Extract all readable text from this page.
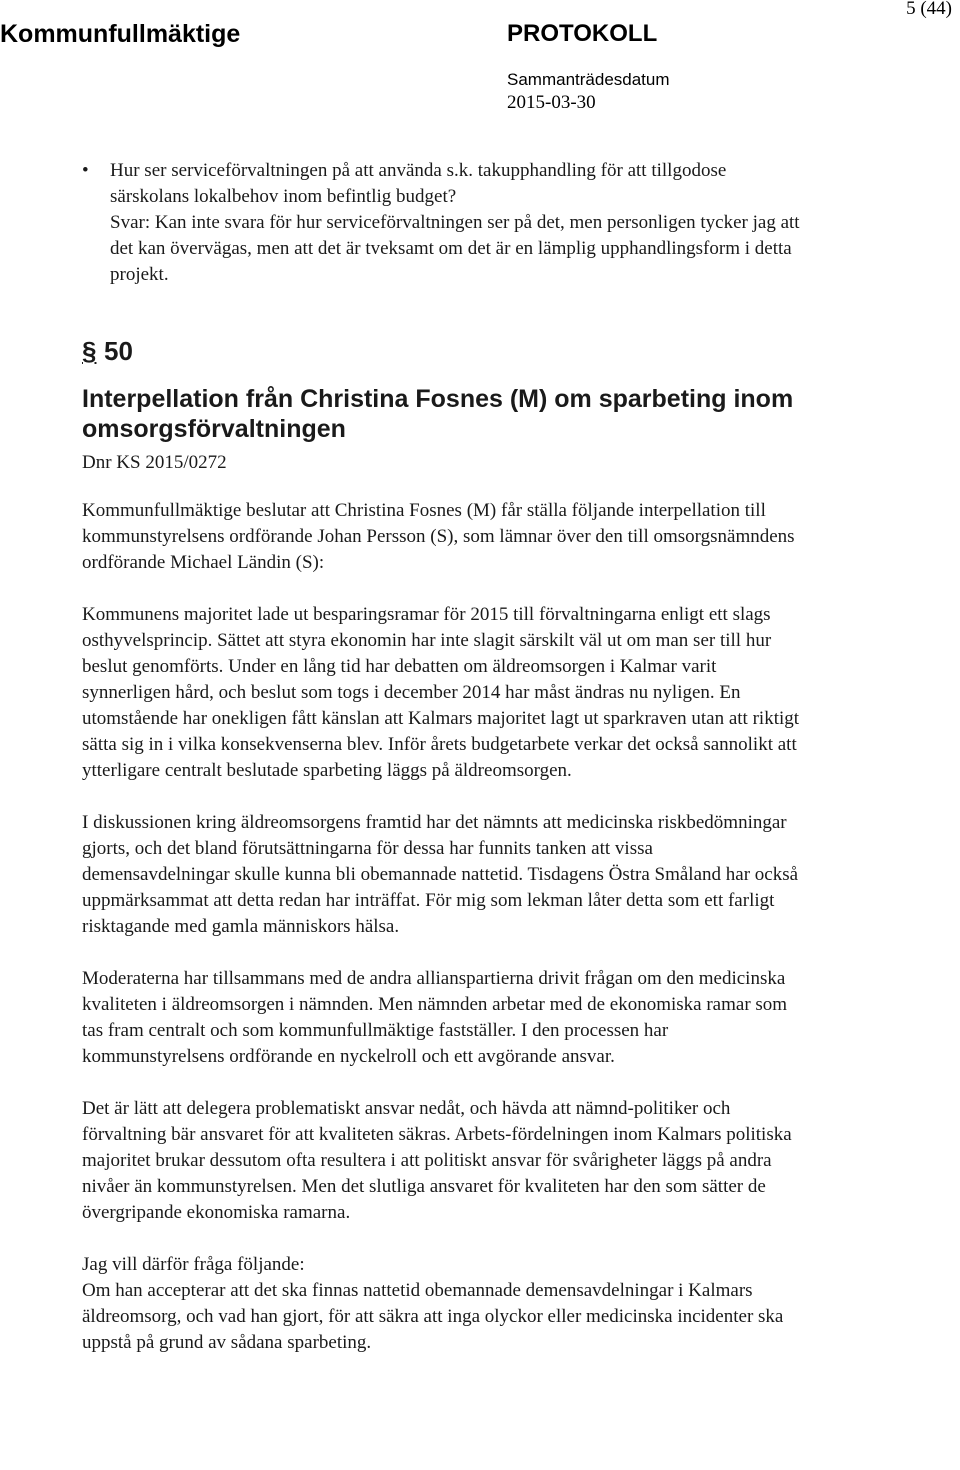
Kommunfullmäktige	PROTOKOLL
Sammanträdesdatum
2015-03-30
5 (44)
• Hur ser serviceförvaltningen på att använda s.k. takupphandling för att tillgodose särskolans lokalbehov inom befintlig budget?
Svar: Kan inte svara för hur serviceförvaltningen ser på det, men personligen tycker jag att det kan övervägas, men att det är tveksamt om det är en lämplig upphandlingsform i detta projekt.
§ 50
Interpellation från Christina Fosnes (M) om sparbeting inom omsorgsförvaltningen
Dnr KS 2015/0272

Kommunfullmäktige beslutar att Christina Fosnes (M) får ställa följande interpellation till kommunstyrelsens ordförande Johan Persson (S), som lämnar över den till omsorgsnämndens ordförande Michael Ländin (S):

Kommunens majoritet lade ut besparingsramar för 2015 till förvaltningarna enligt ett slags osthyvelsprincip. Sättet att styra ekonomin har inte slagit särskilt väl ut om man ser till hur beslut genomförts. Under en lång tid har debatten om äldreomsorgen i Kalmar varit synnerligen hård, och beslut som togs i december 2014 har måst ändras nu nyligen. En utomstående har onekligen fått känslan att Kalmars majoritet lagt ut sparkraven utan att riktigt sätta sig in i vilka konsekvenserna blev. Inför årets budgetarbete verkar det också sannolikt att ytterligare centralt beslutade sparbeting läggs på äldreomsorgen.

I diskussionen kring äldreomsorgens framtid har det nämnts att medicinska riskbedömningar gjorts, och det bland förutsättningarna för dessa har funnits tanken att vissa demensavdelningar skulle kunna bli obemannade nattetid. Tisdagens Östra Småland har också uppmärksammat att detta redan har inträffat. För mig som lekman låter detta som ett farligt risktagande med gamla människors hälsa.

Moderaterna har tillsammans med de andra allianspartierna drivit frågan om den medicinska kvaliteten i äldreomsorgen i nämnden. Men nämnden arbetar med de ekonomiska ramar som tas fram centralt och som kommunfullmäktige fastställer. I den processen har kommunstyrelsens ordförande en nyckelroll och ett avgörande ansvar.

Det är lätt att delegera problematiskt ansvar nedåt, och hävda att nämnd-politiker och förvaltning bär ansvaret för att kvaliteten säkras. Arbets-fördelningen inom Kalmars politiska majoritet brukar dessutom ofta resultera i att politiskt ansvar för svårigheter läggs på andra nivåer än kommunstyrelsen. Men det slutliga ansvaret för kvaliteten har den som sätter de övergripande ekonomiska ramarna.

Jag vill därför fråga följande:

Om han accepterar att det ska finnas nattetid obemannade demensavdelningar i Kalmars äldreomsorg, och vad han gjort, för att säkra att inga olyckor eller medicinska incidenter ska uppstå på grund av sådana sparbeting.
